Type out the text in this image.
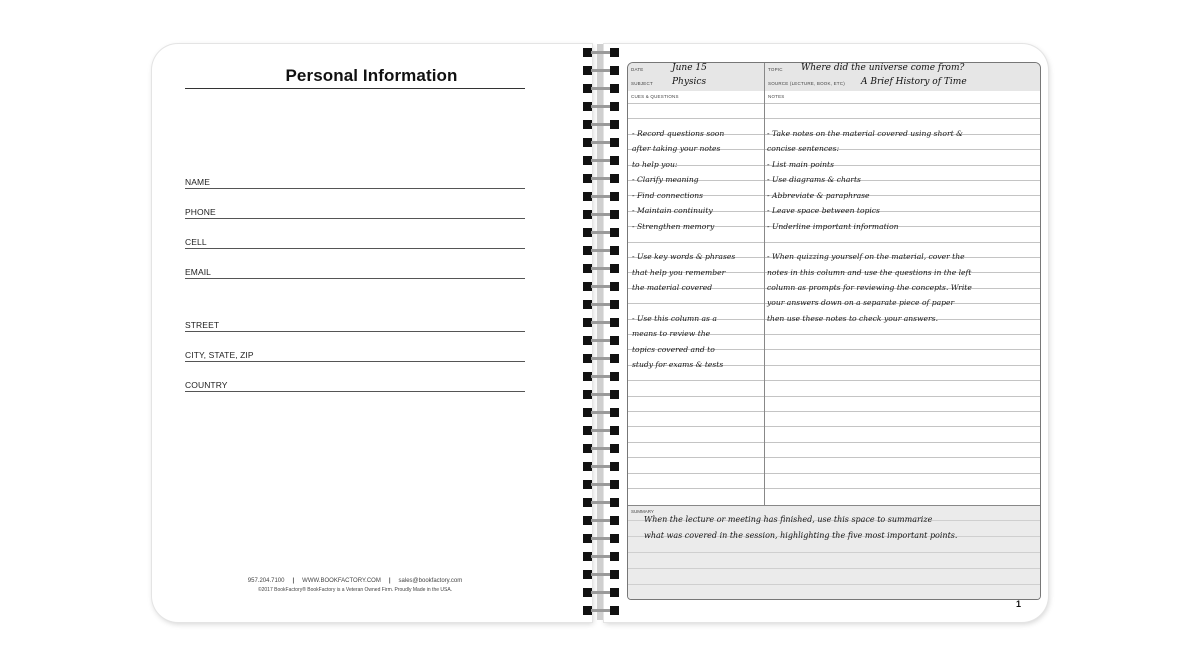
Personal Information
NAME
PHONE
CELL
EMAIL
STREET
CITY, STATE, ZIP
COUNTRY
957.204.7100 | WWW.BOOKFACTORY.COM | sales@bookfactory.com
©2017 BookFactory® BookFactory is a Veteran Owned Firm. Proudly Made in the USA.
DATE	June 15	TOPIC Where did the universe come from?
SUBJECT Physics	SOURCE (LECTURE, BOOK, ETC) A Brief History of Time
CUES & QUESTIONS	NOTES
- Record questions soon
after taking your notes
to help you:
- Clarify meaning
- Find connections
- Maintain continuity
- Strengthen memory
- Use key words & phrases
that help you remember
the material covered
- Use this column as a
means to review the
topics covered and to
study for exams & tests
- Take notes on the material covered using short &
concise sentences:
- List main points
- Use diagrams & charts
- Abbreviate & paraphrase
- Leave space between topics
- Underline important information
- When quizzing yourself on the material, cover the
notes in this column and use the questions in the left
column as prompts for reviewing the concepts. Write
your answers down on a separate piece of paper
then use these notes to check your answers.
SUMMARY
When the lecture or meeting has finished, use this space to summarize
what was covered in the session, highlighting the five most important points.
1
